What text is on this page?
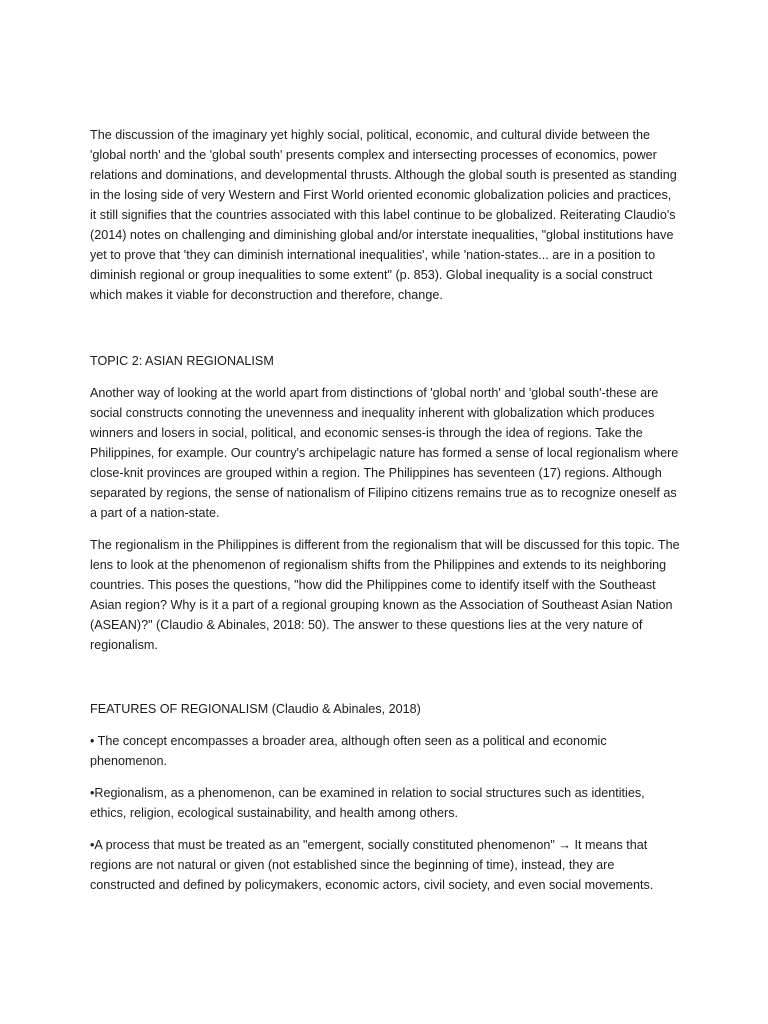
The discussion of the imaginary yet highly social, political, economic, and cultural divide between the 'global north' and the 'global south' presents complex and intersecting processes of economics, power relations and dominations, and developmental thrusts. Although the global south is presented as standing in the losing side of very Western and First World oriented economic globalization policies and practices, it still signifies that the countries associated with this label continue to be globalized. Reiterating Claudio's (2014) notes on challenging and diminishing global and/or interstate inequalities, "global institutions have yet to prove that 'they can diminish international inequalities', while 'nation-states... are in a position to diminish regional or group inequalities to some extent" (p. 853). Global inequality is a social construct which makes it viable for deconstruction and therefore, change.

TOPIC 2: ASIAN REGIONALISM

Another way of looking at the world apart from distinctions of 'global north' and 'global south'-these are social constructs connoting the unevenness and inequality inherent with globalization which produces winners and losers in social, political, and economic senses-is through the idea of regions. Take the Philippines, for example. Our country's archipelagic nature has formed a sense of local regionalism where close-knit provinces are grouped within a region. The Philippines has seventeen (17) regions. Although separated by regions, the sense of nationalism of Filipino citizens remains true as to recognize oneself as a part of a nation-state.

The regionalism in the Philippines is different from the regionalism that will be discussed for this topic. The lens to look at the phenomenon of regionalism shifts from the Philippines and extends to its neighboring countries. This poses the questions, "how did the Philippines come to identify itself with the Southeast Asian region? Why is it a part of a regional grouping known as the Association of Southeast Asian Nation (ASEAN)?" (Claudio & Abinales, 2018: 50). The answer to these questions lies at the very nature of regionalism.

FEATURES OF REGIONALISM (Claudio & Abinales, 2018)

• The concept encompasses a broader area, although often seen as a political and economic phenomenon.

•Regionalism, as a phenomenon, can be examined in relation to social structures such as identities, ethics, religion, ecological sustainability, and health among others.

•A process that must be treated as an "emergent, socially constituted phenomenon" → It means that regions are not natural or given (not established since the beginning of time), instead, they are constructed and defined by policymakers, economic actors, civil society, and even social movements.
